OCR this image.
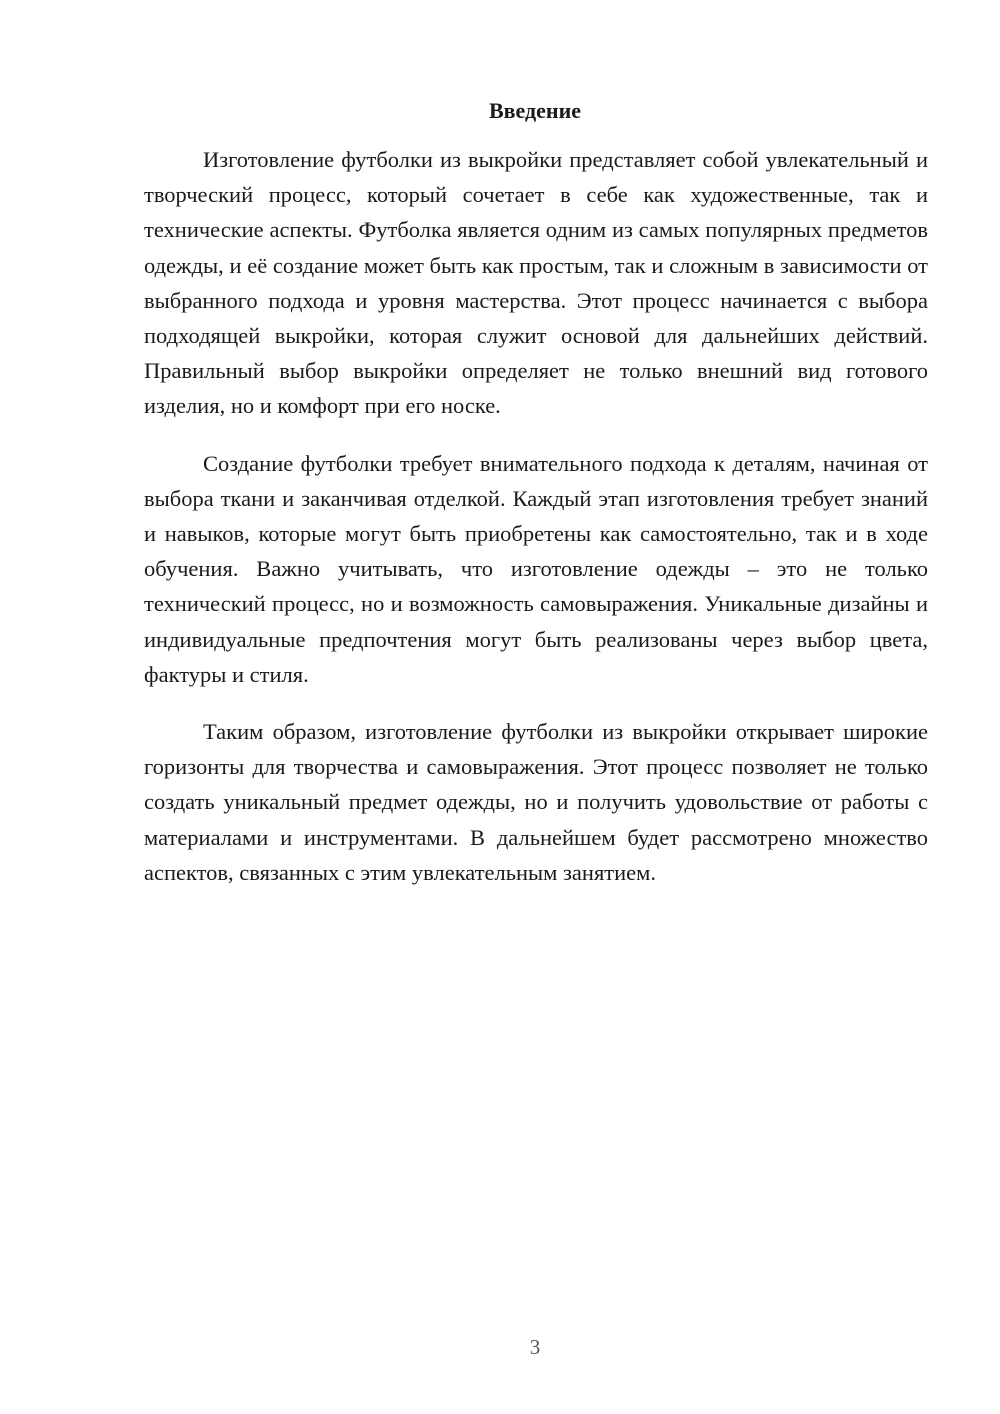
Введение

Изготовление футболки из выкройки представляет собой увлекательный и творческий процесс, который сочетает в себе как художественные, так и технические аспекты. Футболка является одним из самых популярных предметов одежды, и её создание может быть как простым, так и сложным в зависимости от выбранного подхода и уровня мастерства. Этот процесс начинается с выбора подходящей выкройки, которая служит основой для дальнейших действий. Правильный выбор выкройки определяет не только внешний вид готового изделия, но и комфорт при его носке.

Создание футболки требует внимательного подхода к деталям, начиная от выбора ткани и заканчивая отделкой. Каждый этап изготовления требует знаний и навыков, которые могут быть приобретены как самостоятельно, так и в ходе обучения. Важно учитывать, что изготовление одежды – это не только технический процесс, но и возможность самовыражения. Уникальные дизайны и индивидуальные предпочтения могут быть реализованы через выбор цвета, фактуры и стиля.

Таким образом, изготовление футболки из выкройки открывает широкие горизонты для творчества и самовыражения. Этот процесс позволяет не только создать уникальный предмет одежды, но и получить удовольствие от работы с материалами и инструментами. В дальнейшем будет рассмотрено множество аспектов, связанных с этим увлекательным занятием.

3
